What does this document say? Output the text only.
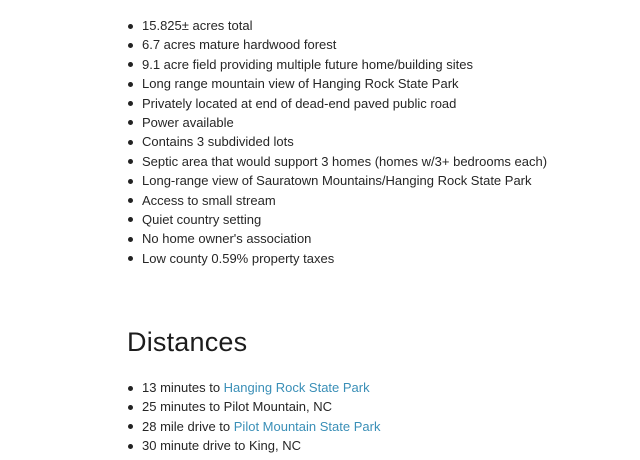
15.825± acres total
6.7 acres mature hardwood forest
9.1 acre field providing multiple future home/building sites
Long range mountain view of Hanging Rock State Park
Privately located at end of dead-end paved public road
Power available
Contains 3 subdivided lots
Septic area that would support 3 homes (homes w/3+ bedrooms each)
Long-range view of Sauratown Mountains/Hanging Rock State Park
Access to small stream
Quiet country setting
No home owner's association
Low county 0.59% property taxes
Distances
13 minutes to Hanging Rock State Park
25 minutes to Pilot Mountain, NC
28 mile drive to Pilot Mountain State Park
30 minute drive to King, NC
